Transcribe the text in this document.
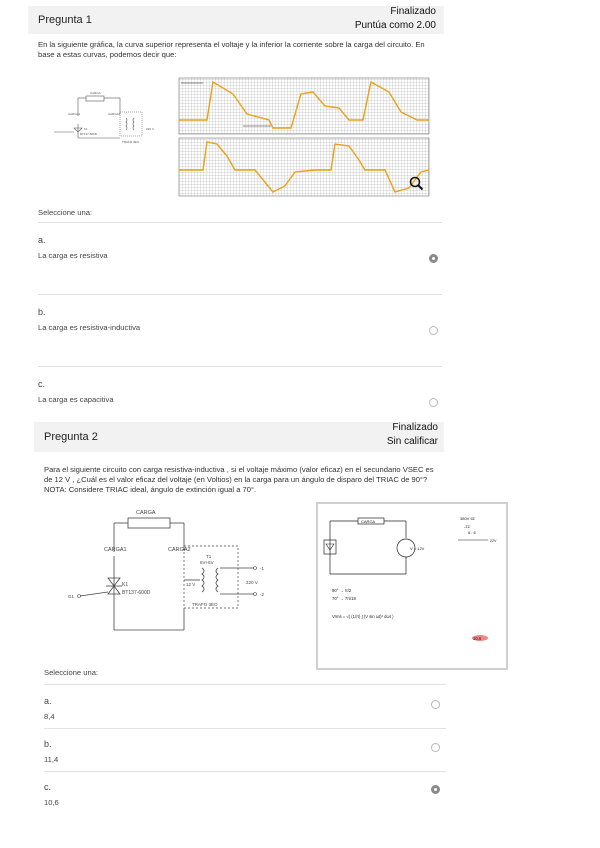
Pregunta 1
Finalizado
Puntúa como 2.00
En la siguiente gráfica, la curva superior representa el voltaje y la inferior la corriente sobre la carga del circuito. En base a estas curvas, podemos decir que:
CARGA
CARGA1	CARGA2
K1
BT137-600D
TRAFO 3EO
220 V
Seleccione una:
a.
La carga es resistiva
b.
La carga es resistiva-inductiva
c.
La carga es capacitiva
Pregunta 2
Finalizado
Sin calificar
Para el siguiente circuito con carga resistiva-inductiva , si el voltaje máximo (valor eficaz) en el secundario VSEC es de 12 V , ¿Cuál es el valor eficaz del voltaje (en Voltios) en la carga para un ángulo de disparo del TRIAC de 90°? NOTA: Considere TRIAC ideal, ángulo de extinción igual a 70°.
CARGA
CARGA1	CARGA2
T1
6V+6V
12 V
-1
-2
220 V
TRAFO 3EO
G1
K1
BT137-600D
CARGA
V = 12V
380V 6Σ
-ΣΣ
6 : 6
22V
90° → π/2
70° → 7π/18
Vrms = √( (1/π) ∫ (V sin ωt)² dωt )
10,6
Seleccione una:
a.
8,4
b.
11,4
c.
10,6
